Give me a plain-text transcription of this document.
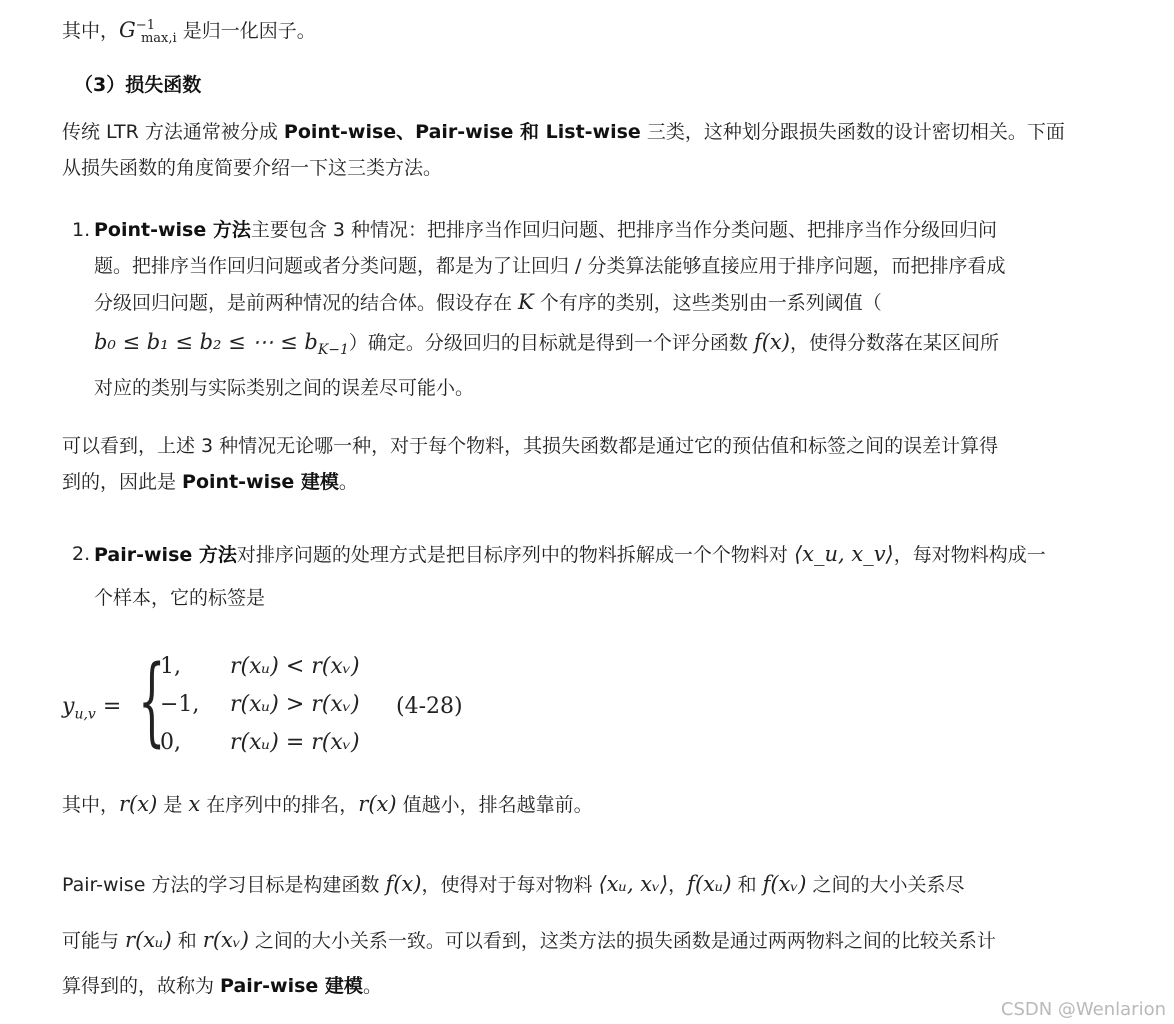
其中，$G^{-1}_{max,i}$ 是归一化因子。
（3）损失函数
传统 LTR 方法通常被分成 Point-wise、Pair-wise 和 List-wise 三类，这种划分跟损失函数的设计密切相关。下面
从损失函数的角度简要介绍一下这三类方法。
1. Point-wise 方法主要包含 3 种情况：把排序当作回归问题、把排序当作分类问题、把排序当作分级回归问
题。把排序当作回归问题或者分类问题，都是为了让回归 / 分类算法能够直接应用于排序问题，而把排序看成
分级回归问题，是前两种情况的结合体。假设存在 K 个有序的类别，这些类别由一系列阈值（
b₀ ≤ b₁ ≤ b₂ ≤ ⋯ ≤ $b_{K-1}$）确定。分级回归的目标就是得到一个评分函数 f(x)，使得分数落在某区间所
对应的类别与实际类别之间的误差尽可能小。
可以看到，上述 3 种情况无论哪一种，对于每个物料，其损失函数都是通过它的预估值和标签之间的误差计算得
到的，因此是 Point-wise 建模。
2. Pair-wise 方法对排序问题的处理方式是把目标序列中的物料拆解成一个个物料对 ⟨x_u, x_v⟩，每对物料构成一
个样本，它的标签是
$y_{u,v}$ = {
1, r(xᵤ) < r(xᵥ)
−1, r(xᵤ) > r(xᵥ)
0, r(xᵤ) = r(xᵥ)
(4-28)
其中，r(x) 是 x 在序列中的排名，r(x) 值越小，排名越靠前。
Pair-wise 方法的学习目标是构建函数 f(x)，使得对于每对物料 ⟨xᵤ, xᵥ⟩，f(xᵤ) 和 f(xᵥ) 之间的大小关系尽
可能与 r(xᵤ) 和 r(xᵥ) 之间的大小关系一致。可以看到，这类方法的损失函数是通过两两物料之间的比较关系计
算得到的，故称为 Pair-wise 建模。
CSDN @Wenlarion
